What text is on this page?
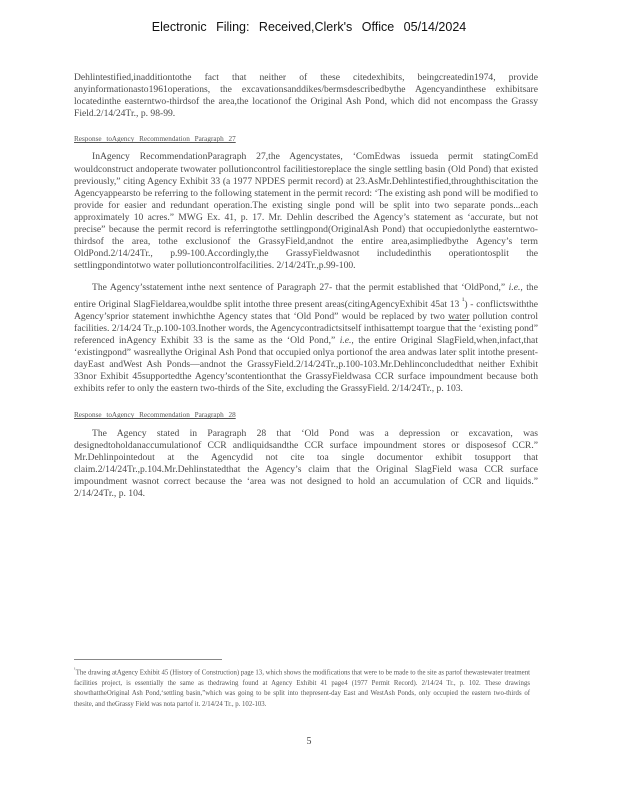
Electronic Filing: Received,Clerk's Office 05/14/2024

Dehlintestified,inadditiontothe fact that neither of these citedexhibits, beingcreatedin1974, provide anyinformationasto1961operations, the excavationsanddikes/bermsdescribedbythe Agencyandinthese exhibitsare locatedinthe easterntwo-thirdsof the area,the locationof the Original Ash Pond, which did not encompass the Grassy Field.2/14/24Tr., p. 98-99.

Response toAgency Recommendation Paragraph 27

InAgency RecommendationParagraph 27,the Agencystates, ‘ComEdwas issueda permit statingComEd wouldconstruct andoperate twowater pollutioncontrol facilitiestoreplace the single settling basin (Old Pond) that existed previously,” citing Agency Exhibit 33 (a 1977 NPDES permit record) at 23.AsMr.Dehlintestified,throughthiscitation the Agencyappearsto be referring to the following statement in the permit record: ‘The existing ash pond will be modified to provide for easier and redundant operation.The existing single pond will be split into two separate ponds...each approximately 10 acres.” MWG Ex. 41, p. 17. Mr. Dehlin described the Agency’s statement as ‘accurate, but not precise” because the permit record is referringtothe settlingpond(OriginalAsh Pond) that occupiedonlythe easterntwo-thirdsof the area, tothe exclusionof the GrassyField,andnot the entire area,asimpliedbythe Agency’s term OldPond.2/14/24Tr., p.99-100.Accordingly,the GrassyFieldwasnot includedinthis operationtosplit the settlingpondintotwo water pollutioncontrolfacilities. 2/14/24Tr.,p.99-100.

The Agency’sstatement inthe next sentence of Paragraph 27- that the permit established that ‘OldPond,” i.e., the entire Original SlagFieldarea,wouldbe split intothe three present areas(citingAgencyExhibit 45at 13 $^{^1}$) - conflictswiththe Agency’sprior statement inwhichthe Agency states that ‘Old Pond” would be replaced by two water pollution control facilities. 2/14/24 Tr.,p.100-103.Inother words, the Agencycontradictsitself inthisattempt toargue that the ‘existing pond” referenced inAgency Exhibit 33 is the same as the ‘Old Pond,” i.e., the entire Original SlagField,when,infact,that ‘existingpond” wasreallythe Original Ash Pond that occupied onlya portionof the area andwas later split intothe present-dayEast andWest Ash Ponds—andnot the GrassyField.2/14/24Tr.,p.100-103.Mr.Dehlinconcludedthat neither Exhibit 33nor Exhibit 45supportedthe Agency’scontentionthat the GrassyFieldwasa CCR surface impoundment because both exhibits refer to only the eastern two-thirds of the Site, excluding the GrassyField. 2/14/24Tr., p. 103.

Response toAgency Recommendation Paragraph 28

The Agency stated in Paragraph 28 that ‘Old Pond was a depression or excavation, was designedtoholdanaccumulationof CCR andliquidsandthe CCR surface impoundment stores or disposesof CCR.” Mr.Dehlinpointedout at the Agencydid not cite toa single documentor exhibit tosupport that claim.2/14/24Tr.,p.104.Mr.Dehlinstatedthat the Agency’s claim that the Original SlagField wasa CCR surface impoundment wasnot correct because the ‘area was not designed to hold an accumulation of CCR and liquids.” 2/14/24Tr., p. 104.

$^{^1}$The drawing atAgency Exhibit 45 (History of Construction) page 13, which shows the modifications that were to be made to the site as partof thewastewater treatment facilities project, is essentially the same as thedrawing found at Agency Exhibit 41 page4 (1977 Permit Record). 2/14/24 Tr., p. 102. These drawings showthattheOriginal Ash Pond,‘settling basin,”which was going to be split into thepresent-day East and WestAsh Ponds, only occupied the eastern two-thirds of thesite, and theGrassy Field was nota partof it. 2/14/24 Tr., p. 102-103.
5
